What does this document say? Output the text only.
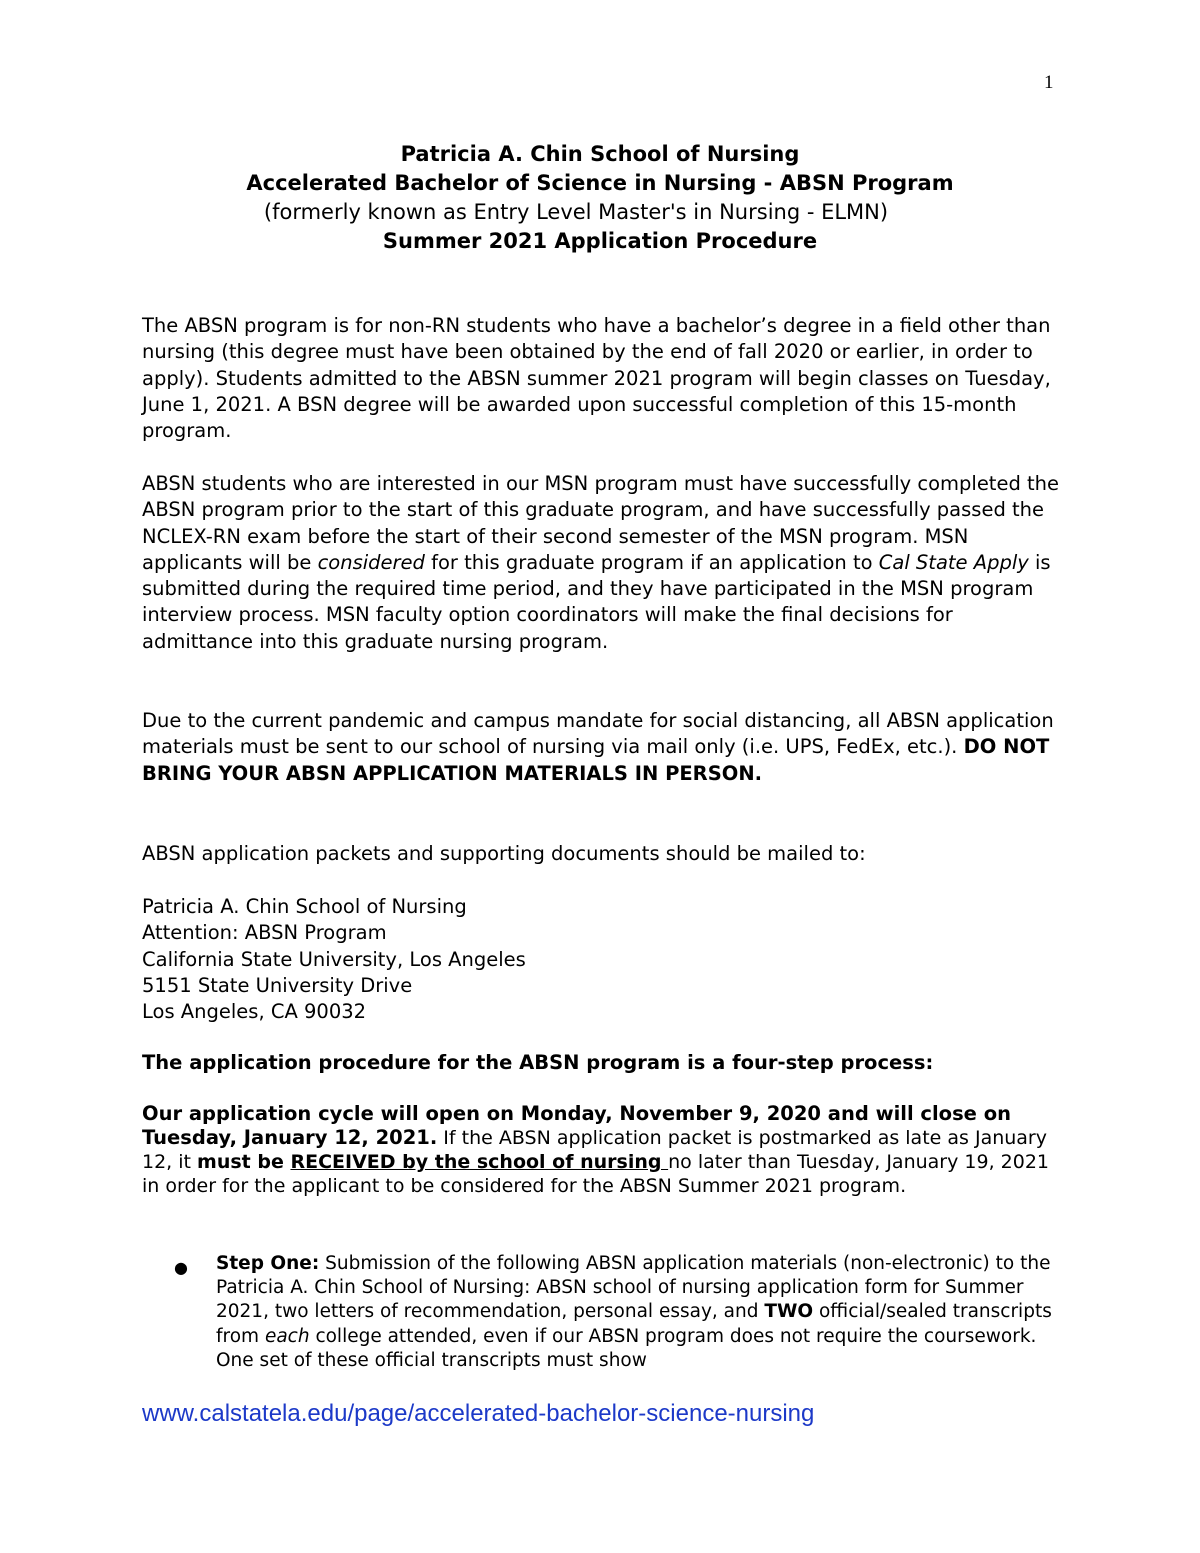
1
Patricia A. Chin School of Nursing
Accelerated Bachelor of Science in Nursing - ABSN Program
(formerly known as Entry Level Master's in Nursing - ELMN)
Summer 2021 Application Procedure

The ABSN program is for non-RN students who have a bachelor’s degree in a field other than nursing (this degree must have been obtained by the end of fall 2020 or earlier, in order to apply). Students admitted to the ABSN summer 2021 program will begin classes on Tuesday, June 1, 2021. A BSN degree will be awarded upon successful completion of this 15-month program.

ABSN students who are interested in our MSN program must have successfully completed the ABSN program prior to the start of this graduate program, and have successfully passed the NCLEX-RN exam before the start of their second semester of the MSN program. MSN applicants will be considered for this graduate program if an application to Cal State Apply is submitted during the required time period, and they have participated in the MSN program interview process. MSN faculty option coordinators will make the final decisions for admittance into this graduate nursing program.

Due to the current pandemic and campus mandate for social distancing, all ABSN application materials must be sent to our school of nursing via mail only (i.e. UPS, FedEx, etc.). DO NOT BRING YOUR ABSN APPLICATION MATERIALS IN PERSON.

ABSN application packets and supporting documents should be mailed to:

Patricia A. Chin School of Nursing
Attention: ABSN Program
California State University, Los Angeles
5151 State University Drive
Los Angeles, CA 90032

The application procedure for the ABSN program is a four-step process:

Our application cycle will open on Monday, November 9, 2020 and will close on Tuesday, January 12, 2021. If the ABSN application packet is postmarked as late as January 12, it must be RECEIVED by the school of nursing no later than Tuesday, January 19, 2021 in order for the applicant to be considered for the ABSN Summer 2021 program.

● Step One: Submission of the following ABSN application materials (non-electronic) to the Patricia A. Chin School of Nursing: ABSN school of nursing application form for Summer 2021, two letters of recommendation, personal essay, and TWO official/sealed transcripts from each college attended, even if our ABSN program does not require the coursework. One set of these official transcripts must show
www.calstatela.edu/page/accelerated-bachelor-science-nursing
